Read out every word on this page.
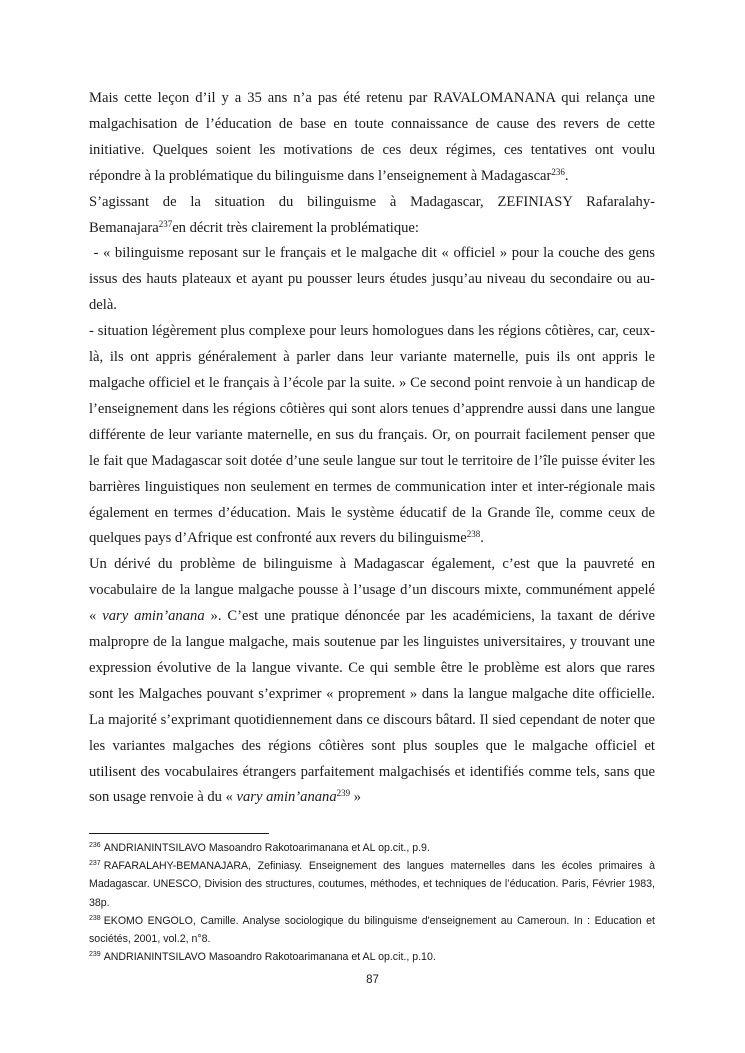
Mais cette leçon d’il y a 35 ans n’a pas été retenu par RAVALOMANANA qui relança une malgachisation de l’éducation de base en toute connaissance de cause des revers de cette initiative. Quelques soient les motivations de ces deux régimes, ces tentatives ont voulu répondre à la problématique du bilinguisme dans l’enseignement à Madagascar$^{236}$.

S’agissant de la situation du bilinguisme à Madagascar, ZEFINIASY Rafaralahy-Bemanajara$^{237}$en décrit très clairement la problématique:

- « bilinguisme reposant sur le français et le malgache dit « officiel » pour la couche des gens issus des hauts plateaux et ayant pu pousser leurs études jusqu’au niveau du secondaire ou au-delà.

- situation légèrement plus complexe pour leurs homologues dans les régions côtières, car, ceux-là, ils ont appris généralement à parler dans leur variante maternelle, puis ils ont appris le malgache officiel et le français à l’école par la suite. » Ce second point renvoie à un handicap de l’enseignement dans les régions côtières qui sont alors tenues d’apprendre aussi dans une langue différente de leur variante maternelle, en sus du français. Or, on pourrait facilement penser que le fait que Madagascar soit dotée d’une seule langue sur tout le territoire de l’île puisse éviter les barrières linguistiques non seulement en termes de communication inter et inter-régionale mais également en termes d’éducation. Mais le système éducatif de la Grande île, comme ceux de quelques pays d’Afrique est confronté aux revers du bilinguisme$^{238}$.

Un dérivé du problème de bilinguisme à Madagascar également, c’est que la pauvreté en vocabulaire de la langue malgache pousse à l’usage d’un discours mixte, communément appelé « vary amin’anana ». C’est une pratique dénoncée par les académiciens, la taxant de dérive malpropre de la langue malgache, mais soutenue par les linguistes universitaires, y trouvant une expression évolutive de la langue vivante. Ce qui semble être le problème est alors que rares sont les Malgaches pouvant s’exprimer « proprement » dans la langue malgache dite officielle. La majorité s’exprimant quotidiennement dans ce discours bâtard. Il sied cependant de noter que les variantes malgaches des régions côtières sont plus souples que le malgache officiel et utilisent des vocabulaires étrangers parfaitement malgachisés et identifiés comme tels, sans que son usage renvoie à du « vary amin’anana$^{239}$ »

$^{236}$ ANDRIANINTSILAVO Masoandro Rakotoarimanana et AL op.cit., p.9.

$^{237}$ RAFARALAHY-BEMANAJARA, Zefiniasy. Enseignement des langues maternelles dans les écoles primaires à Madagascar. UNESCO, Division des structures, coutumes, méthodes, et techniques de l’éducation. Paris, Février 1983, 38p.

$^{238}$ EKOMO ENGOLO, Camille. Analyse sociologique du bilinguisme d'enseignement au Cameroun. In : Education et sociétés, 2001, vol.2, n°8.

$^{239}$ ANDRIANINTSILAVO Masoandro Rakotoarimanana et AL op.cit., p.10.

87
